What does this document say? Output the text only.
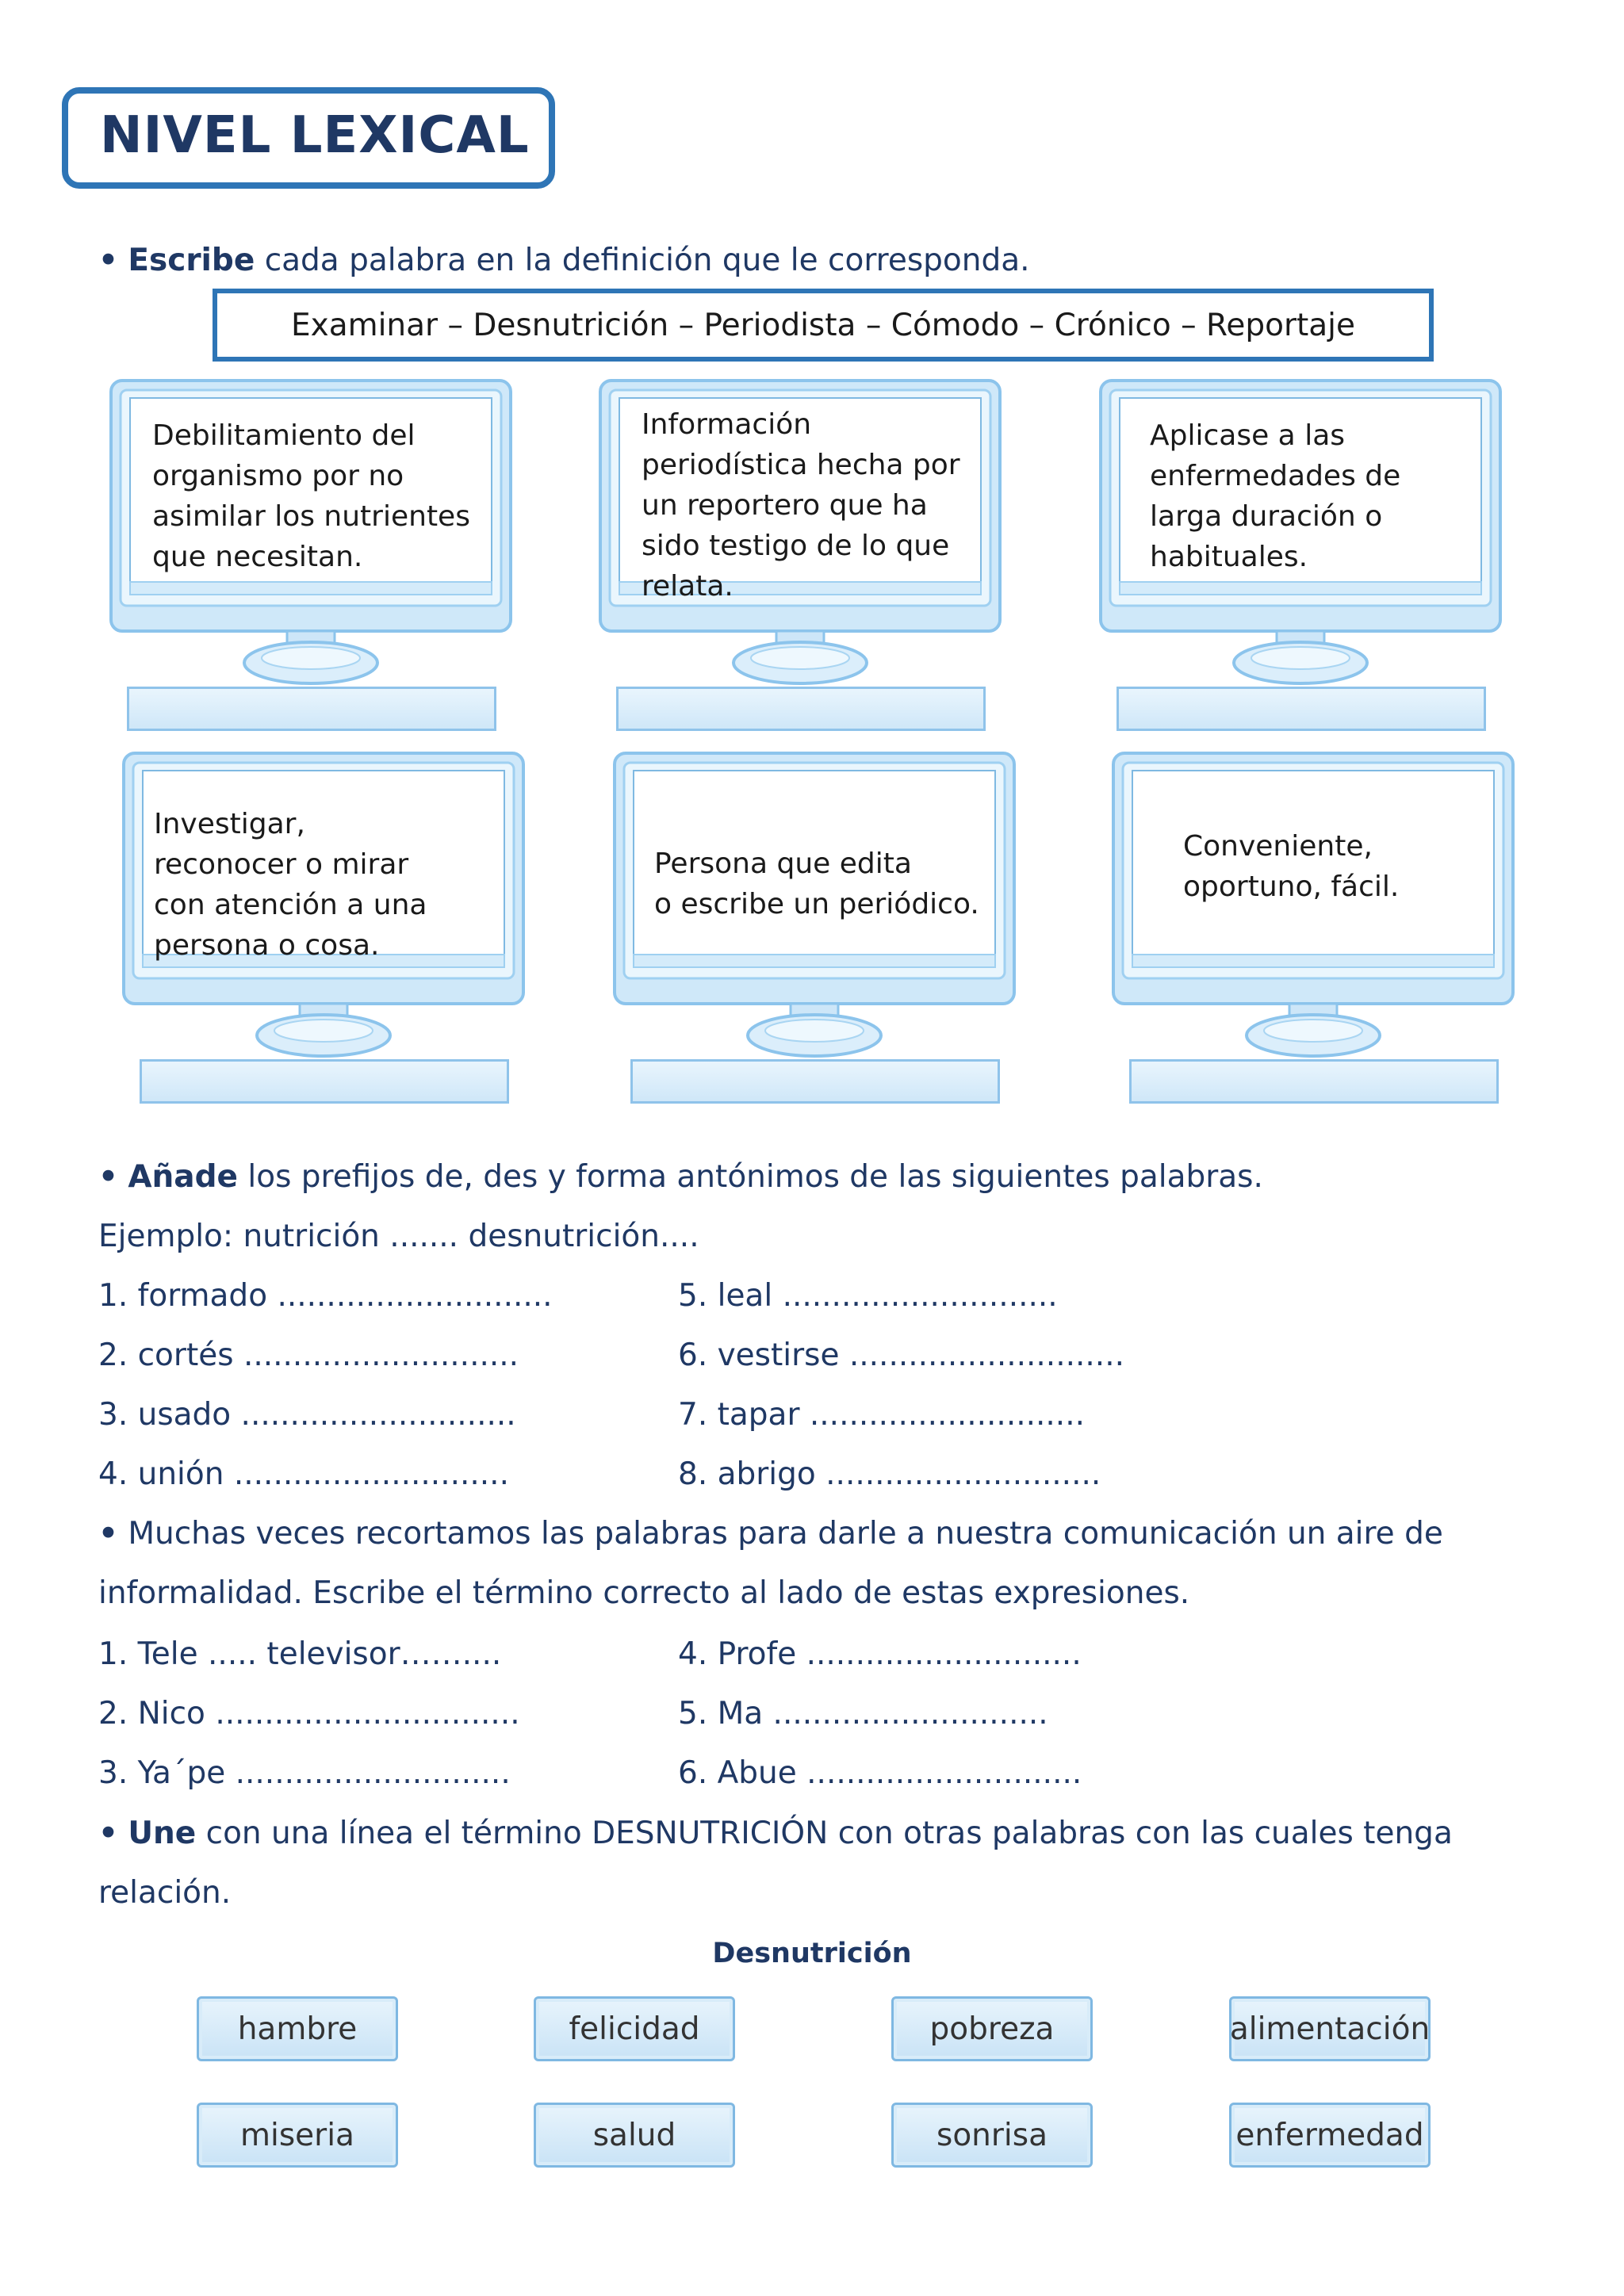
NIVEL LEXICAL
• Escribe cada palabra en la definición que le corresponda.
Examinar – Desnutrición – Periodista – Cómodo – Crónico – Reportaje
Debilitamiento del
organismo por no
asimilar los nutrientes
que necesitan.
Información
periodística hecha por
un reportero que ha
sido testigo de lo que
relata.
Aplicase a las
enfermedades de
larga duración o
habituales.
Investigar,
reconocer o mirar
con atención a una
persona o cosa.
Persona que edita
o escribe un periódico.
Conveniente,
oportuno, fácil.
• Añade los prefijos de, des y forma antónimos de las siguientes palabras.
Ejemplo: nutrición ....... desnutrición....
1. formado ............................
2. cortés ............................
3. usado ............................
4. unión ............................
5. leal ............................
6. vestirse ............................
7. tapar ............................
8. abrigo ............................
• Muchas veces recortamos las palabras para darle a nuestra comunicación un aire de
informalidad. Escribe el término correcto al lado de estas expresiones.
1. Tele ..... televisor……....
2. Nico ...............................
3. Ya´pe ............................
4. Profe ............................
5. Ma ............................
6. Abue ............................
• Une con una línea el término DESNUTRICIÓN con otras palabras con las cuales tenga
relación.
Desnutrición
hambre	felicidad	pobreza	alimentación
miseria	salud	sonrisa	enfermedad
